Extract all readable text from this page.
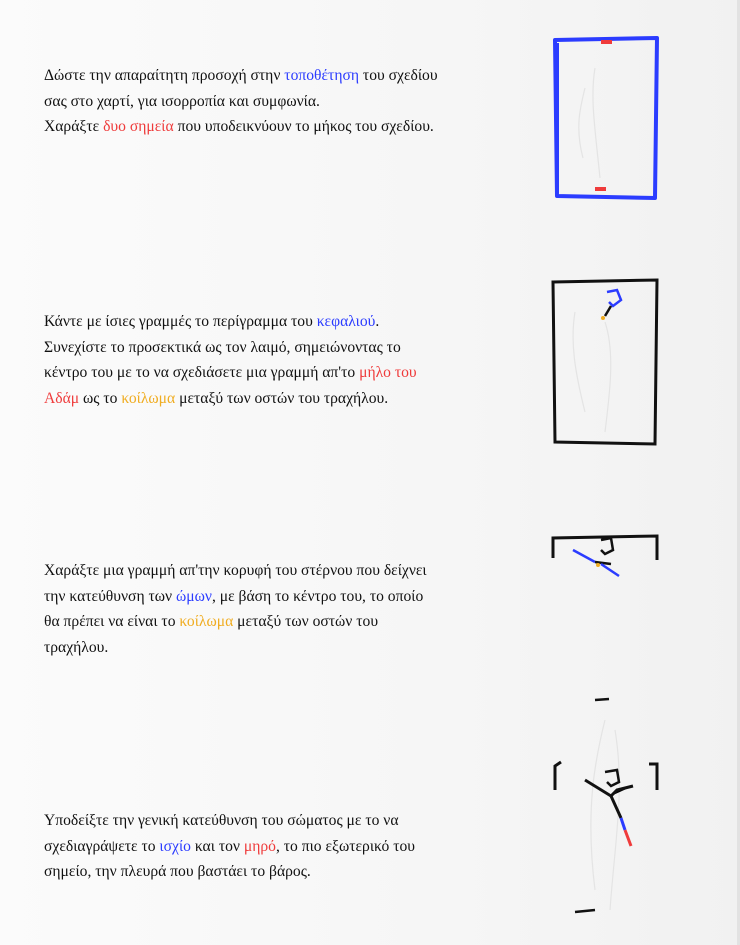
Δώστε την απαραίτητη προσοχή στην τοποθέτηση του σχεδίου
σας στο χαρτί, για ισορροπία και συμφωνία.
Χαράξτε δυο σημεία που υποδεικνύουν το μήκος του σχεδίου.
Κάντε με ίσιες γραμμές το περίγραμμα του κεφαλιού.
Συνεχίστε το προσεκτικά ως τον λαιμό, σημειώνοντας το
κέντρο του με το να σχεδιάσετε μια γραμμή απ'το μήλο του
Αδάμ ως το κοίλωμα μεταξύ των οστών του τραχήλου.
Χαράξτε μια γραμμή απ'την κορυφή του στέρνου που δείχνει
την κατεύθυνση των ώμων, με βάση το κέντρο του, το οποίο
θα πρέπει να είναι το κοίλωμα μεταξύ των οστών του
τραχήλου.
Υποδείξτε την γενική κατεύθυνση του σώματος με το να
σχεδιαγράψετε το ισχίο και τον μηρό, το πιο εξωτερικό του
σημείο, την πλευρά που βαστάει το βάρος.
